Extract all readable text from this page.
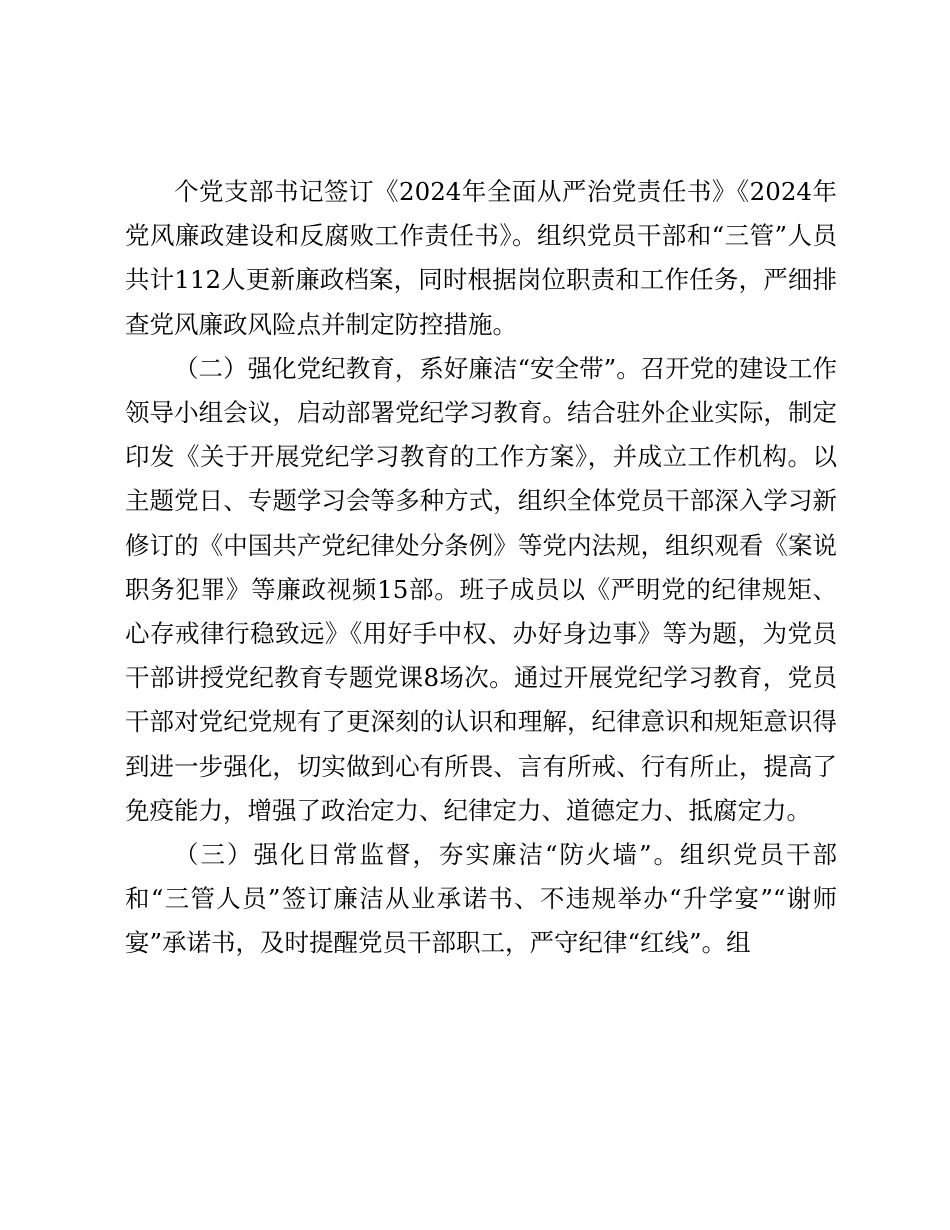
个党支部书记签订《2024年全面从严治党责任书》《2024年党风廉政建设和反腐败工作责任书》。组织党员干部和“三管”人员共计112人更新廉政档案，同时根据岗位职责和工作任务，严细排查党风廉政风险点并制定防控措施。

（二）强化党纪教育，系好廉洁“安全带”。召开党的建设工作领导小组会议，启动部署党纪学习教育。结合驻外企业实际，制定印发《关于开展党纪学习教育的工作方案》，并成立工作机构。以主题党日、专题学习会等多种方式，组织全体党员干部深入学习新修订的《中国共产党纪律处分条例》等党内法规，组织观看《案说职务犯罪》等廉政视频15部。班子成员以《严明党的纪律规矩、心存戒律行稳致远》《用好手中权、办好身边事》等为题，为党员干部讲授党纪教育专题党课8场次。通过开展党纪学习教育，党员干部对党纪党规有了更深刻的认识和理解，纪律意识和规矩意识得到进一步强化，切实做到心有所畏、言有所戒、行有所止，提高了免疫能力，增强了政治定力、纪律定力、道德定力、抵腐定力。

（三）强化日常监督，夯实廉洁“防火墙”。组织党员干部和“三管人员”签订廉洁从业承诺书、不违规举办“升学宴”“谢师宴”承诺书，及时提醒党员干部职工，严守纪律“红线”。组
